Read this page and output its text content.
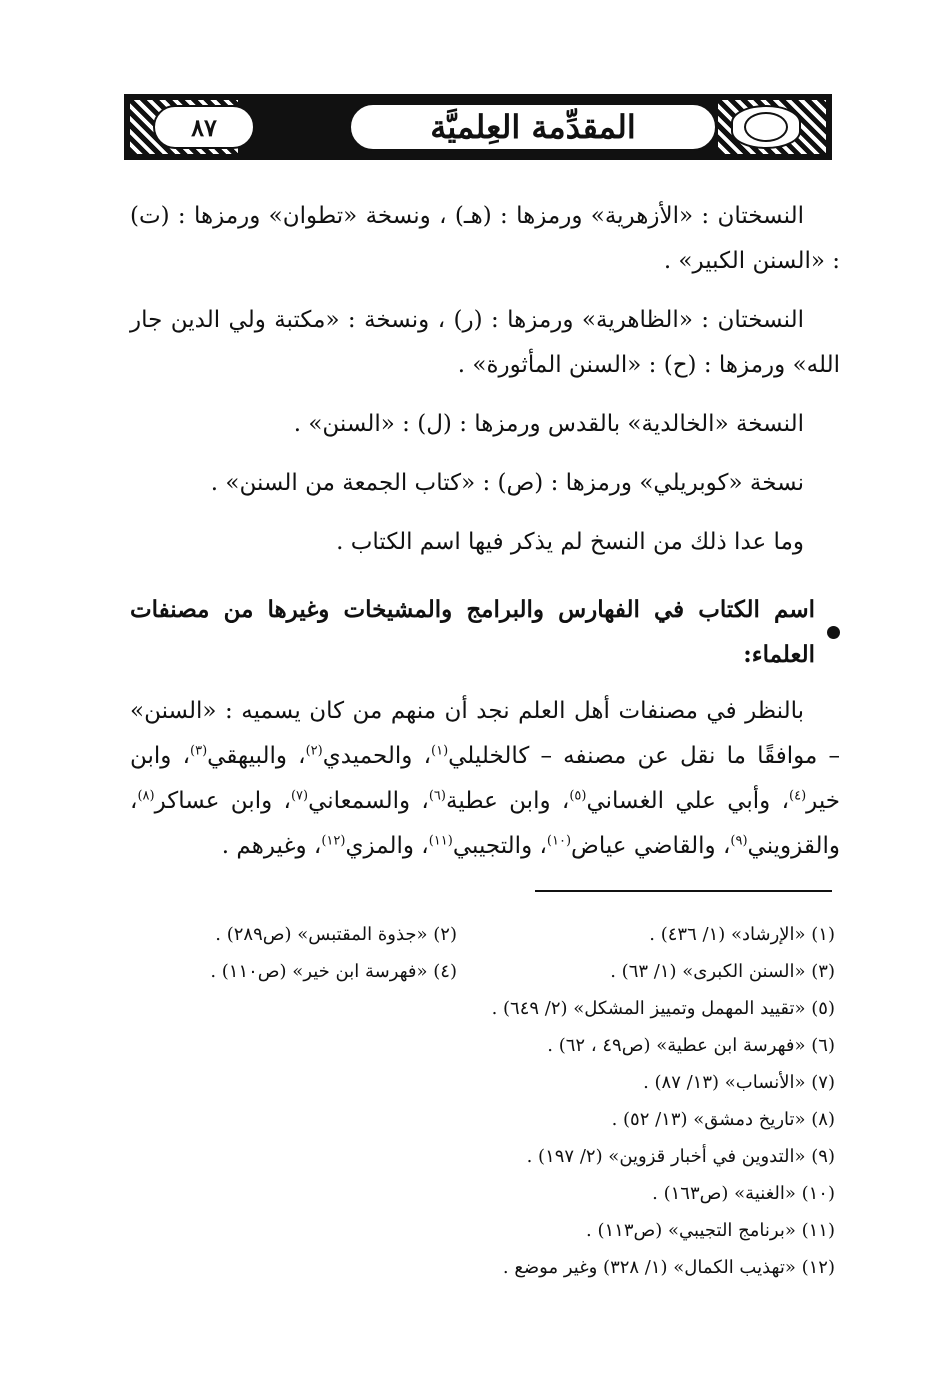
المقدِّمة العِلميَّة
٨٧

النسختان : «الأزهرية» ورمزها : (هـ) ، ونسخة «تطوان» ورمزها : (ت) : «السنن الكبير» .

النسختان : «الظاهرية» ورمزها : (ر) ، ونسخة : «مكتبة ولي الدين جار الله» ورمزها : (ح) : «السنن المأثورة» .

النسخة «الخالدية» بالقدس ورمزها : (ل) : «السنن» .

نسخة «كوبريلي» ورمزها : (ص) : «كتاب الجمعة من السنن» .

وما عدا ذلك من النسخ لم يذكر فيها اسم الكتاب .

اسم الكتاب في الفهارس والبرامج والمشيخات وغيرها من مصنفات العلماء:

بالنظر في مصنفات أهل العلم نجد أن منهم من كان يسميه : «السنن» – موافقًا ما نقل عن مصنفه – كالخليلي$^{(١)}$، والحميدي$^{(٢)}$، والبيهقي$^{(٣)}$، وابن خير$^{(٤)}$، وأبي علي الغساني$^{(٥)}$، وابن عطية$^{(٦)}$، والسمعاني$^{(٧)}$، وابن عساكر$^{(٨)}$، والقزويني$^{(٩)}$، والقاضي عياض$^{(١٠)}$، والتجيبي$^{(١١)}$، والمزي$^{(١٢)}$، وغيرهم .

(١) «الإرشاد» (١/ ٤٣٦) .
(٢) «جذوة المقتبس» (ص٢٨٩) .
(٣) «السنن الكبرى» (١/ ٦٣) .
(٤) «فهرسة ابن خير» (ص١١٠) .
(٥) «تقييد المهمل وتمييز المشكل» (٢/ ٦٤٩) .
(٦) «فهرسة ابن عطية» (ص٤٩ ، ٦٢) .
(٧) «الأنساب» (١٣/ ٨٧) .
(٨) «تاريخ دمشق» (١٣/ ٥٢) .
(٩) «التدوين في أخبار قزوين» (٢/ ١٩٧) .
(١٠) «الغنية» (ص١٦٣) .
(١١) «برنامج التجيبي» (ص١١٣) .
(١٢) «تهذيب الكمال» (١/ ٣٢٨) وغير موضع .
